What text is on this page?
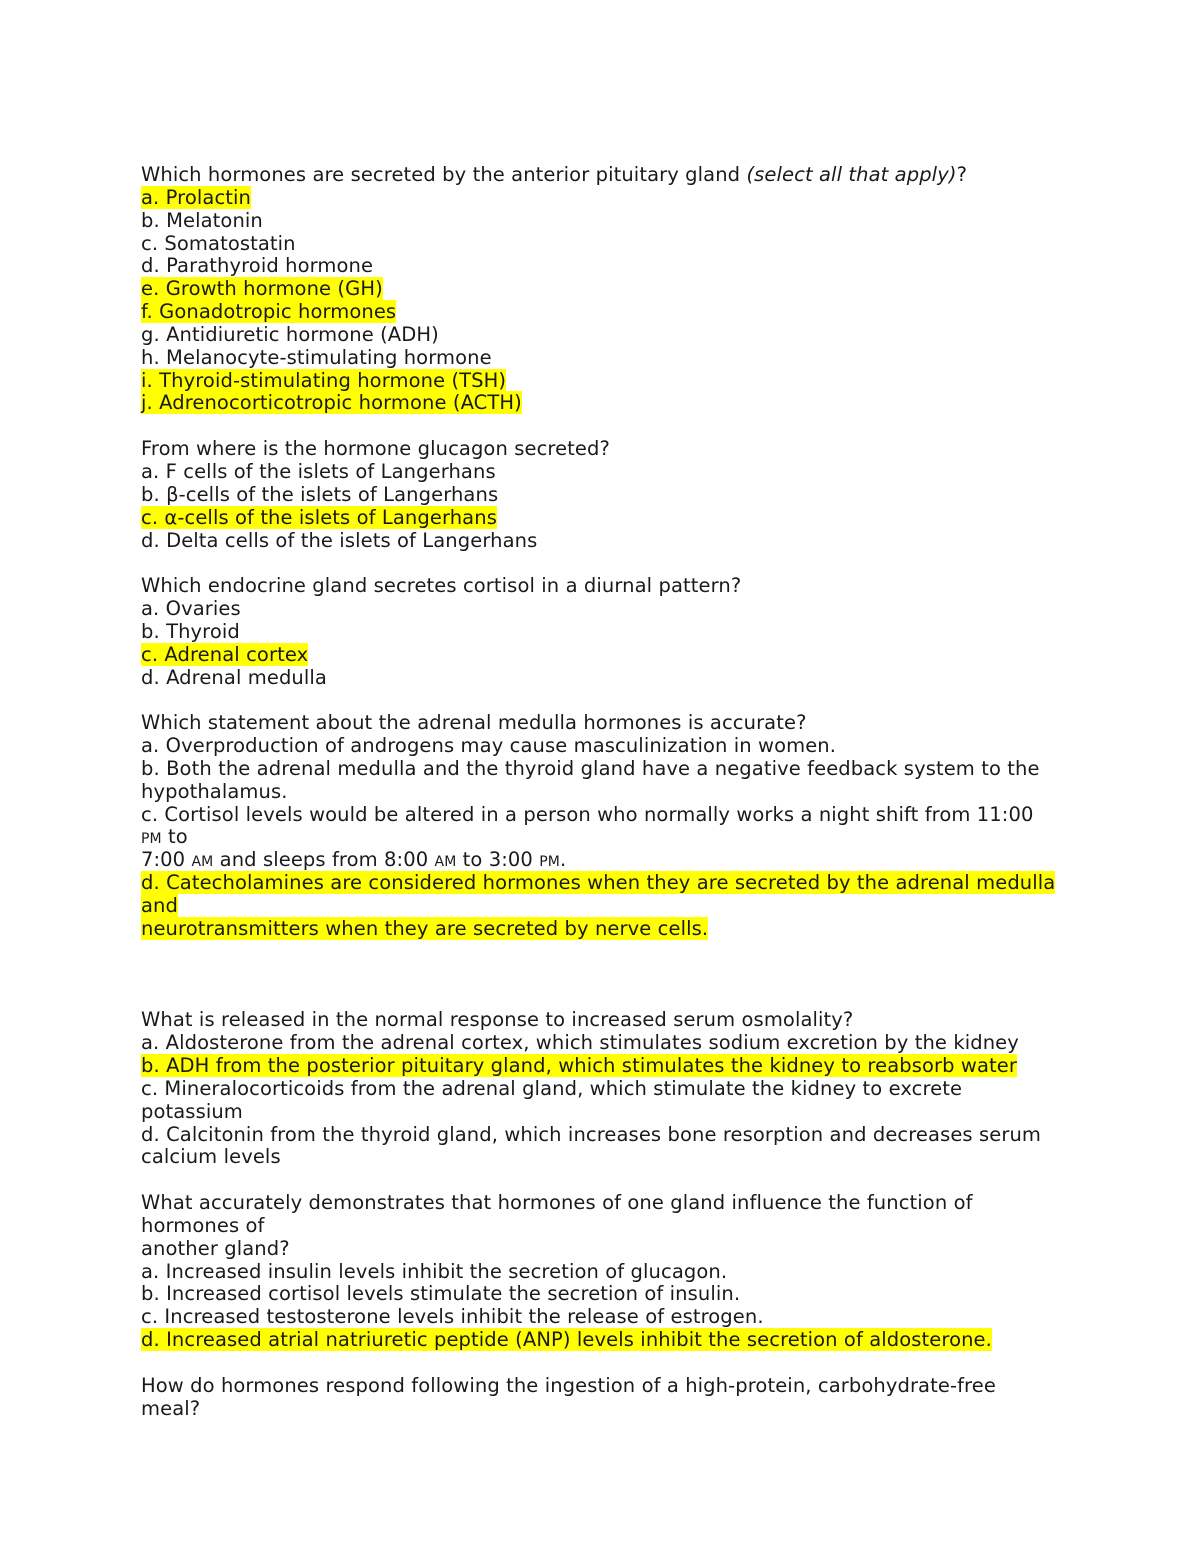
Which hormones are secreted by the anterior pituitary gland (select all that apply)?
a. Prolactin
b. Melatonin
c. Somatostatin
d. Parathyroid hormone
e. Growth hormone (GH)
f. Gonadotropic hormones
g. Antidiuretic hormone (ADH)
h. Melanocyte-stimulating hormone
i. Thyroid-stimulating hormone (TSH)
j. Adrenocorticotropic hormone (ACTH)
From where is the hormone glucagon secreted?
a. F cells of the islets of Langerhans
b. β-cells of the islets of Langerhans
c. α-cells of the islets of Langerhans
d. Delta cells of the islets of Langerhans
Which endocrine gland secretes cortisol in a diurnal pattern?
a. Ovaries
b. Thyroid
c. Adrenal cortex
d. Adrenal medulla
Which statement about the adrenal medulla hormones is accurate?
a. Overproduction of androgens may cause masculinization in women.
b. Both the adrenal medulla and the thyroid gland have a negative feedback system to the
hypothalamus.
c. Cortisol levels would be altered in a person who normally works a night shift from 11:00
PM to
7:00 AM and sleeps from 8:00 AM to 3:00 PM.
d. Catecholamines are considered hormones when they are secreted by the adrenal medulla
and
neurotransmitters when they are secreted by nerve cells.
What is released in the normal response to increased serum osmolality?
a. Aldosterone from the adrenal cortex, which stimulates sodium excretion by the kidney
b. ADH from the posterior pituitary gland, which stimulates the kidney to reabsorb water
c. Mineralocorticoids from the adrenal gland, which stimulate the kidney to excrete
potassium
d. Calcitonin from the thyroid gland, which increases bone resorption and decreases serum
calcium levels
What accurately demonstrates that hormones of one gland influence the function of
hormones of
another gland?
a. Increased insulin levels inhibit the secretion of glucagon.
b. Increased cortisol levels stimulate the secretion of insulin.
c. Increased testosterone levels inhibit the release of estrogen.
d. Increased atrial natriuretic peptide (ANP) levels inhibit the secretion of aldosterone.
How do hormones respond following the ingestion of a high-protein, carbohydrate-free
meal?
